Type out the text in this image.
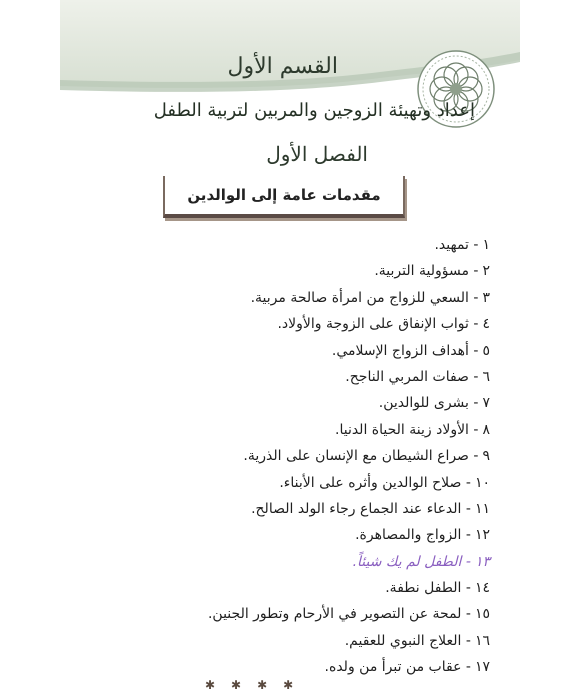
القسم الأول
إعداد وتهيئة الزوجين والمربين لتربية الطفل
الفصل الأول
مقدمات عامة إلى الوالدين
١- تمهيد.
٢- مسؤولية التربية.
٣- السعي للزواج من امرأة صالحة مربية.
٤- ثواب الإنفاق على الزوجة والأولاد.
٥- أهداف الزواج الإسلامي.
٦- صفات المربي الناجح.
٧- بشرى للوالدين.
٨- الأولاد زينة الحياة الدنيا.
٩- صراع الشيطان مع الإنسان على الذرية.
١٠- صلاح الوالدين وأثره على الأبناء.
١١- الدعاء عند الجماع رجاء الولد الصالح.
١٢- الزواج والمصاهرة.
١٣- الطفل لم يك شيئاً.
١٤- الطفل نطفة.
١٥- لمحة عن التصوير في الأرحام وتطور الجنين.
١٦- العلاج النبوي للعقيم.
١٧- عقاب من تبرأ من ولده.
✱✱✱✱
